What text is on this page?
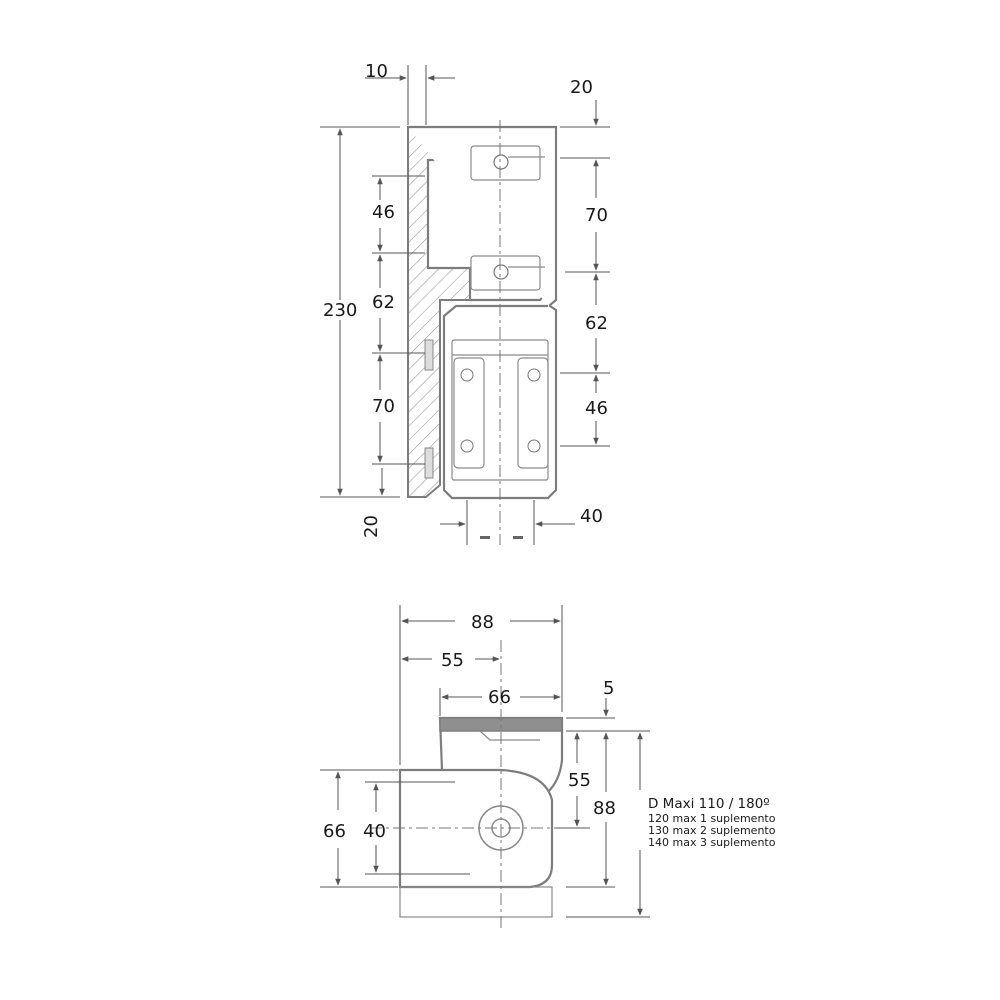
10
20
230
46
62
70
20
70
62
46
40
88
55
66	5
66 40
55
88 D Maxi 110 / 180º
120 max 1 suplemento
130 max 2 suplemento
140 max 3 suplemento
